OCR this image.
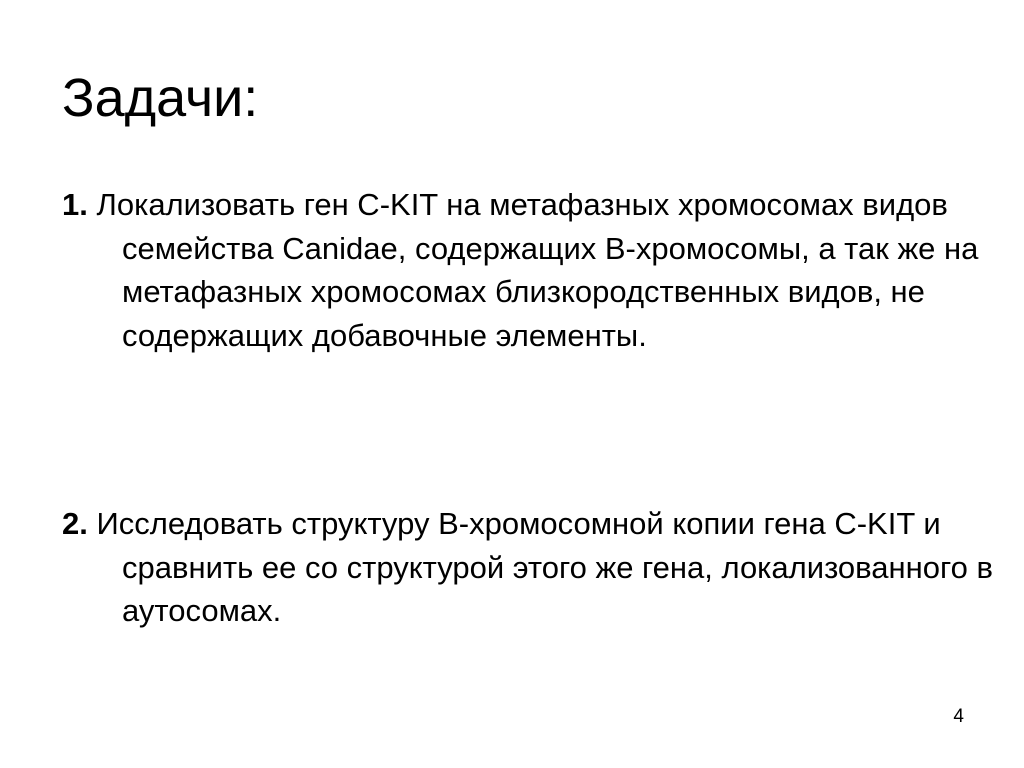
Задачи:

1. Локализовать ген C-KIT на метафазных хромосомах видов семейства Canidae, содержащих В-хромосомы, а так же на метафазных хромосомах близкородственных видов, не содержащих добавочные элементы.

2. Исследовать структуру В-хромосомной копии гена C-KIT и сравнить ее со структурой этого же гена, локализованного в аутосомах.

4
